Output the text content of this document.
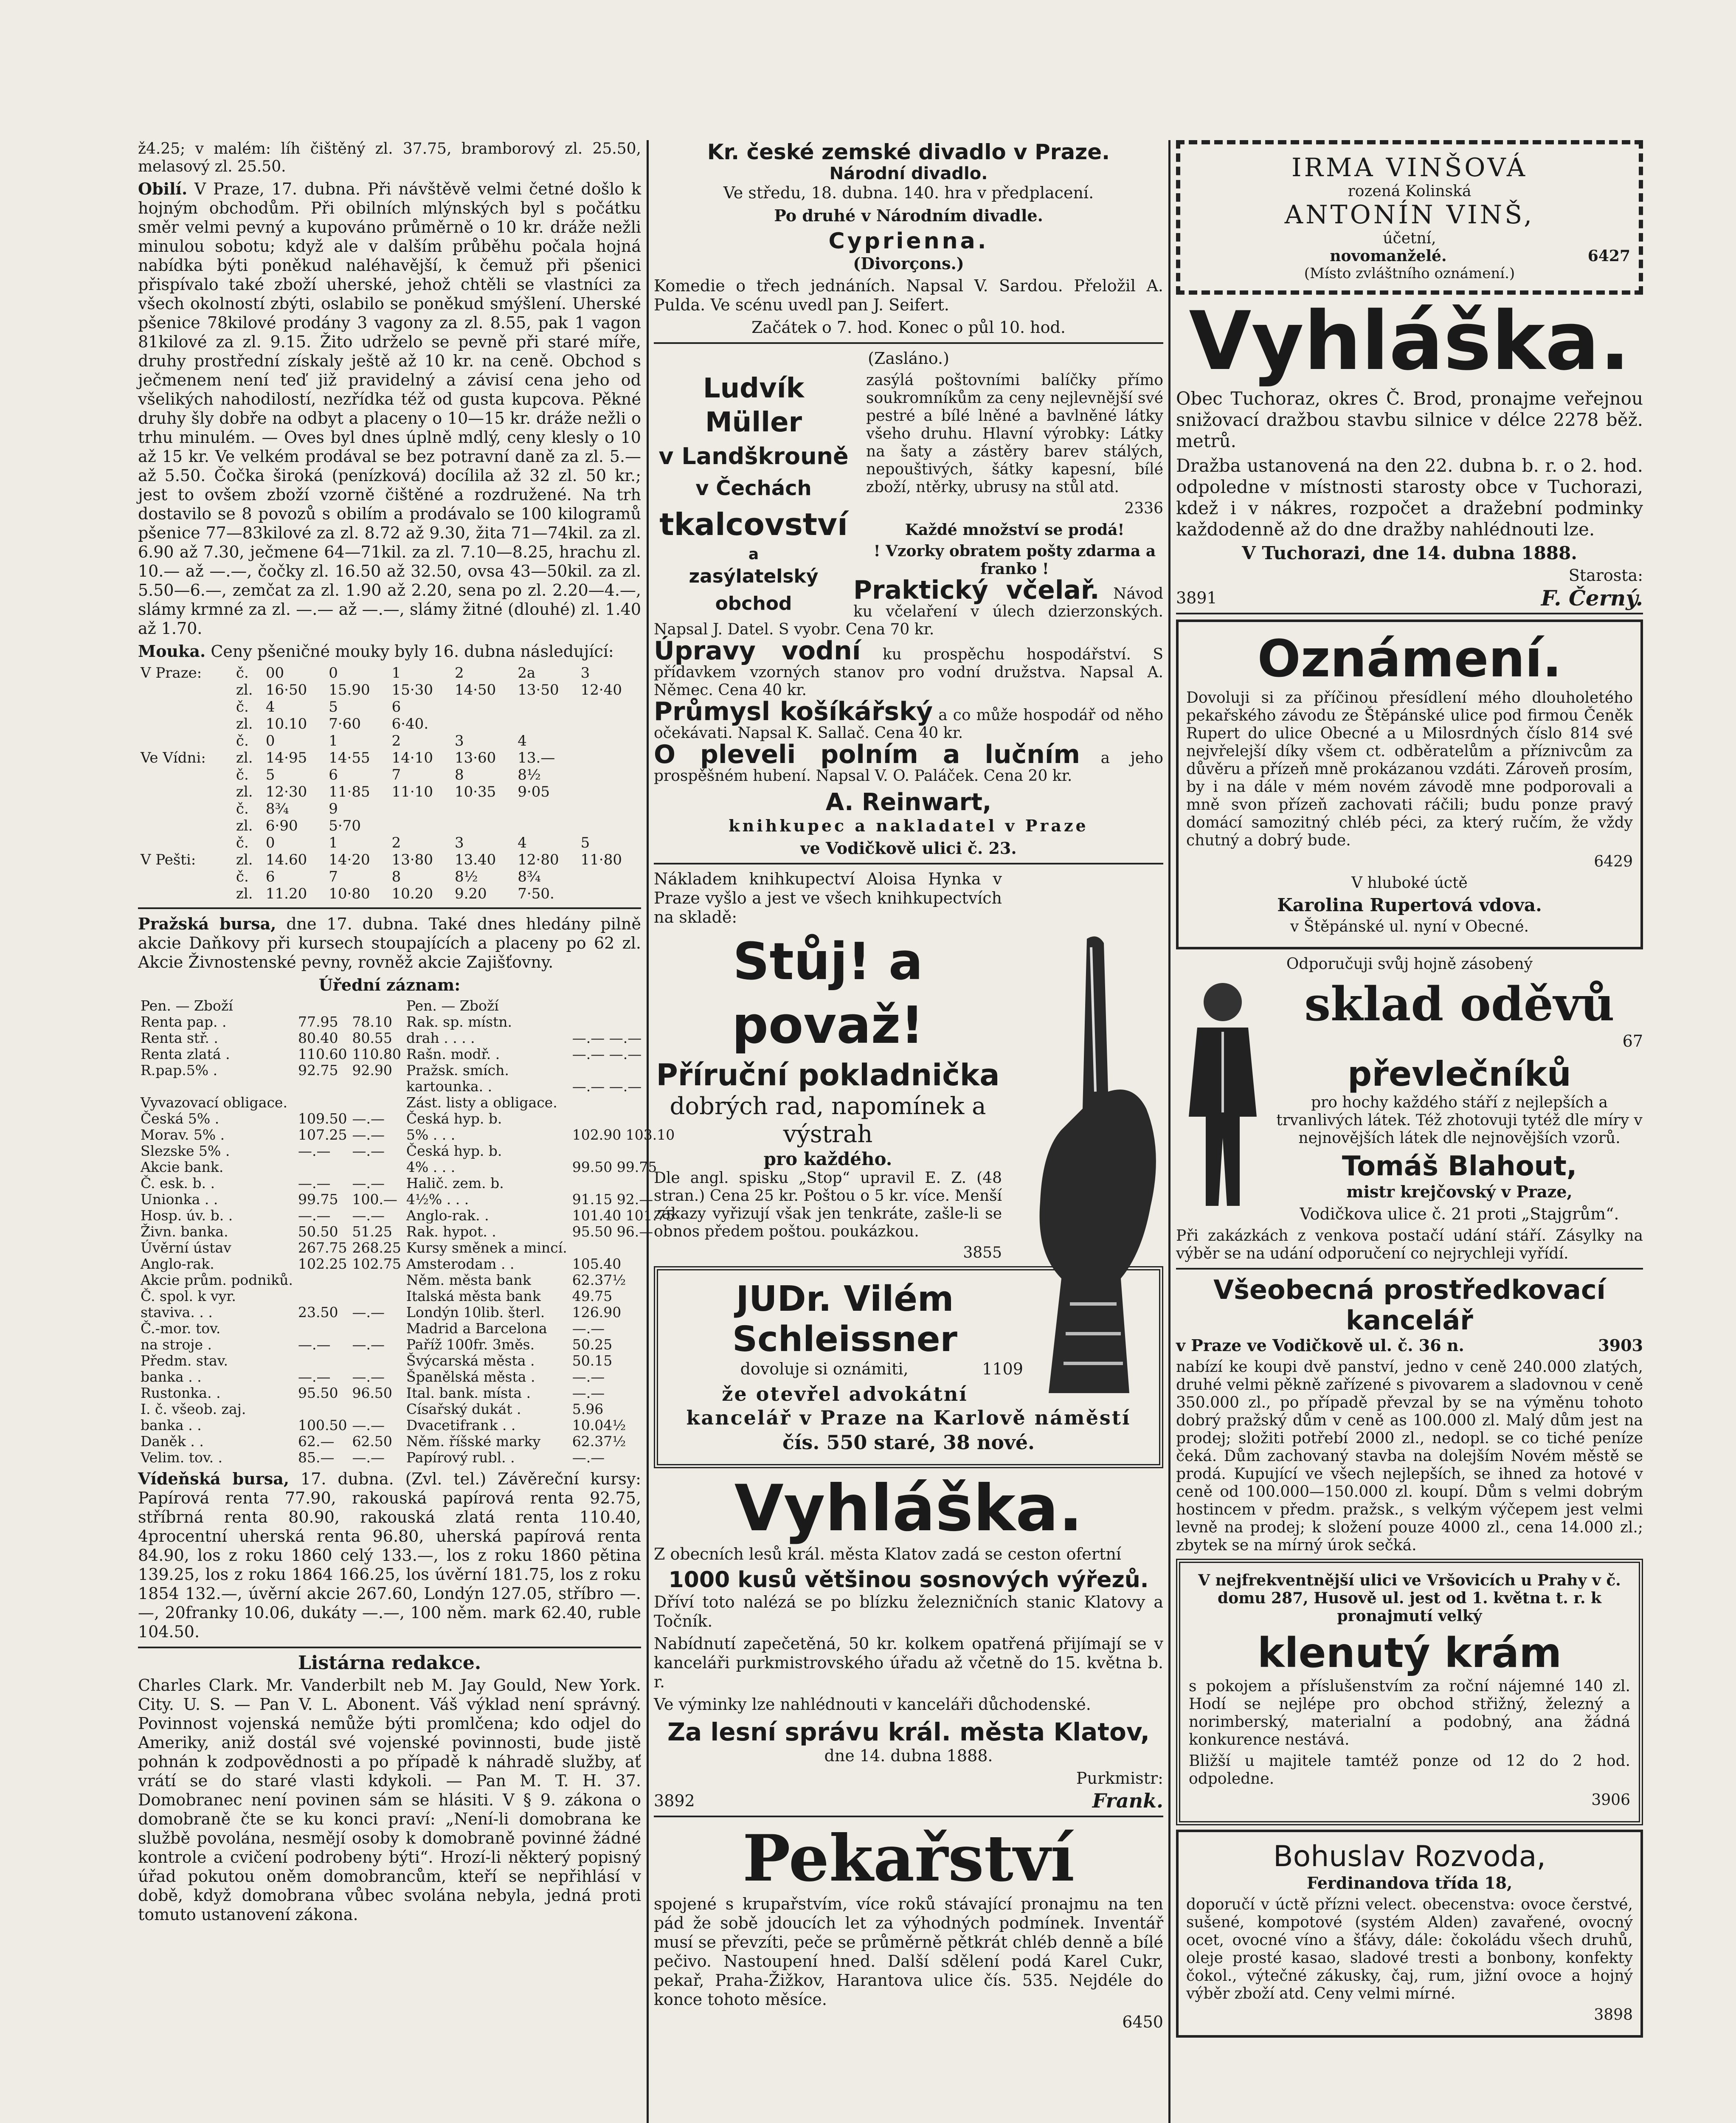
ž4.25; v malém: líh čištěný zl. 37.75, bramborový zl. 25.50, melasový zl. 25.50.

Obilí. V Praze, 17. dubna. Při návštěvě velmi četné došlo k hojným obchodům. Při obilních mlýnských byl s počátku směr velmi pevný a kupováno průměrně o 10 kr. dráže nežli minulou sobotu; když ale v dalším průběhu počala hojná nabídka býti poněkud naléhavější, k čemuž při pšenici přispívalo také zboží uherské, jehož chtěli se vlastníci za všech okolností zbýti, oslabilo se poněkud smýšlení. Uherské pšenice 78kilové prodány 3 vagony za zl. 8.55, pak 1 vagon 81kilové za zl. 9.15. Žito udrželo se pevně při staré míře, druhy prostřední získaly ještě až 10 kr. na ceně. Obchod s ječmenem není teď již pravidelný a závisí cena jeho od všelikých nahodilostí, nezřídka též od gusta kupcova. Pěkné druhy šly dobře na odbyt a placeny o 10—15 kr. dráže nežli o trhu minulém. — Oves byl dnes úplně mdlý, ceny klesly o 10 až 15 kr. Ve velkém prodával se bez potravní daně za zl. 5.— až 5.50. Čočka široká (penízková) docílila až 32 zl. 50 kr.; jest to ovšem zboží vzorně čištěné a rozdružené. Na trh dostavilo se 8 povozů s obilím a prodávalo se 100 kilogramů pšenice 77—83kilové za zl. 8.72 až 9.30, žita 71—74kil. za zl. 6.90 až 7.30, ječmene 64—71kil. za zl. 7.10—8.25, hrachu zl. 10.— až —.—, čočky zl. 16.50 až 32.50, ovsa 43—50kil. za zl. 5.50—6.—, zemčat za zl. 1.90 až 2.20, sena po zl. 2.20—4.—, slámy krmné za zl. —.— až —.—, slámy žitné (dlouhé) zl. 1.40 až 1.70.

Mouka. Ceny pšeničné mouky byly 16. dubna následující:

V Praze:	č.	00	0	1	2	2a	3
	zl.	16·50	15.90	15·30	14·50	13·50	12·40
	č.	4	5	6			
	zl.	10.10	7·60	6·40.			
	č.	0	1	2	3	4	
Ve Vídni:	zl.	14·95	14·55	14·10	13·60	13.—	
	č.	5	6	7	8	8½	
	zl.	12·30	11·85	11·10	10·35	9·05	
	č.	8¾	9				
	zl.	6·90	5·70				
	č.	0	1	2	3	4	5
V Pešti:	zl.	14.60	14·20	13·80	13.40	12·80	11·80
	č.	6	7	8	8½	8¾	
	zl.	11.20	10·80	10.20	9.20	7·50.	

Pražská bursa, dne 17. dubna. Také dnes hledány pilně akcie Daňkovy při kursech stoupajících a placeny po 62 zl. Akcie Živnostenské pevny, rovněž akcie Zajišťovny.

Úřední záznam:

Pen. — Zboží			Pen. — Zboží	
Renta pap. .	77.95	78.10	Rak. sp. místn.	
Renta stř. .	80.40	80.55	drah . . . .	—.— —.—
Renta zlatá .	110.60	110.80	Rašn. modř. .	—.— —.—
R.pap.5% .	92.75	92.90	Pražsk. smích.	
			kartounka. .	—.— —.—
Vyvazovací obligace.			Zást. listy a obligace.	
Česká 5% .	109.50	—.—	Česká hyp. b.	
Morav. 5% .	107.25	—.—	5% . . .	102.90 103.10
Slezske 5% .	—.—	—.—	Česká hyp. b.	
Akcie bank.			4% . . .	99.50 99.75
Č. esk. b. .	—.—	—.—	Halič. zem. b.	
Unionka . .	99.75	100.—	4½% . . .	91.15 92.—
Hosp. úv. b. .	—.—	—.—	Anglo-rak. .	101.40 101.75
Živn. banka.	50.50	51.25	Rak. hypot. .	95.50 96.—
Úvěrní ústav	267.75	268.25	Kursy směnek a mincí.	
Anglo-rak.	102.25	102.75	Amsterodam . .	105.40
Akcie prům. podniků.			Něm. města bank	62.37½
Č. spol. k vyr.			Italská města bank	49.75
stavivа. . .	23.50	—.—	Londýn 10lib. šterl.	126.90
Č.-mor. tov.			Madrid a Barcelona	—.—
na stroje .	—.—	—.—	Paříž 100fr. 3měs.	50.25
Předm. stav.			Švýcarská města .	50.15
banka . .	—.—	—.—	Španělská města .	—.—
Rustonka. .	95.50	96.50	Ital. bank. místa .	—.—
I. č. všeob. zaj.			Císařský dukát .	5.96
banka . .	100.50	—.—	Dvacetifrank . .	10.04½
Daněk . .	62.—	62.50	Něm. říšské marky	62.37½
Velim. tov. .	85.—	—.—	Papírový rubl. .	—.—

Vídeňská bursa, 17. dubna. (Zvl. tel.) Závěreční kursy: Papírová renta 77.90, rakouská papírová renta 92.75, stříbrná renta 80.90, rakouská zlatá renta 110.40, 4procentní uherská renta 96.80, uherská papírová renta 84.90, los z roku 1860 celý 133.—, los z roku 1860 pětina 139.25, los z roku 1864 166.25, los úvěrní 181.75, los z roku 1854 132.—, úvěrní akcie 267.60, Londýn 127.05, stříbro —.—, 20franky 10.06, dukáty —.—, 100 něm. mark 62.40, ruble 104.50.

Listárna redakce.

Charles Clark. Mr. Vanderbilt neb M. Jay Gould, New York. City. U. S. — Pan V. L. Abonent. Váš výklad není správný. Povinnost vojenská nemůže býti promlčena; kdo odjel do Ameriky, aniž dostál své vojenské povinnosti, bude jistě pohnán k zodpovědnosti a po případě k náhradě služby, ať vrátí se do staré vlasti kdykoli. — Pan M. T. H. 37. Domobranec není povinen sám se hlásiti. V § 9. zákona o domobraně čte se ku konci praví: „Není-li domobrana ke službě povolána, nesmějí osoby k domobraně povinné žádné kontrole a cvičení podrobeny býti“. Hrozí-li některý popisný úřad pokutou oněm domobrancům, kteří se nepřihlásí v době, když domobrana vůbec svolána nebyla, jedná proti tomuto ustanovení zákona.

Kr. české zemské divadlo v Praze.
Národní divadlo.

Ve středu, 18. dubna. 140. hra v předplacení.

Po druhé v Národním divadle.

Cyprienna.

(Divorçons.)

Komedie o třech jednáních. Napsal V. Sardou. Přeložil A. Pulda. Ve scénu uvedl pan J. Seifert.

Začátek o 7. hod. Konec o půl 10. hod.

(Zasláno.)

Ludvík Müller
v Landškrouně
v Čechách
tkalcovství
a
zasýlatelský obchod

zasýlá poštovními balíčky přímo soukromníkům za ceny nejlevnější své pestré a bílé lněné a bavlněné látky všeho druhu. Hlavní výrobky: Látky na šaty a zástěry barev stálých, nepouštivých, šátky kapesní, bílé zboží, ntěrky, ubrusy na stůl atd.

2336

Každé množství se prodá!

! Vzorky obratem pošty zdarma a franko !

Praktický včelař. Návod ku včelaření v úlech dzierzonských. Napsal J. Datel. S vyobr. Cena 70 kr.

Úpravy vodní ku prospěchu hospodářství. S přídavkem vzorných stanov pro vodní družstva. Napsal A. Němec. Cena 40 kr.

Průmysl košíkářský a co může hospodář od něho očekávati. Napsal K. Sallač. Cena 40 kr.

O pleveli polním a lučním a jeho prospěšném hubení. Napsal V. O. Paláček. Cena 20 kr.

A. Reinwart,

knihkupec a nakladatel v Praze

ve Vodičkově ulici č. 23.

Nákladem knihkupectví Aloisa Hynka v Praze vyšlo a jest ve všech knihkupectvích na skladě:

Stůj! a považ!
Příruční pokladnička
dobrých rad, napomínek a výstrah
pro každého.

Dle angl. spisku „Stop“ upravil E. Z. (48 stran.) Cena 25 kr. Poštou o 5 kr. více. Menší zákazy vyřizují však jen tenkráte, zašle-li se obnos předem poštou. poukázkou.

3855

JUDr. Vilém Schleissner

dovoluje si oznámiti,	1109

že otevřel advokátní kancelář v Praze na Karlově náměstí

čís. 550 staré, 38 nové.

Vyhláška.

Z obecních lesů král. města Klatov zadá se ceston ofertní

1000 kusů většinou sosnových výřezů.

Dříví toto nalézá se po blízku železničních stanic Klatovy a Točník.

Nabídnutí zapečetěná, 50 kr. kolkem opatřená přijímají se v kanceláři purkmistrovského úřadu až včetně do 15. května b. r.

Ve výminky lze nahlédnouti v kanceláři důchodenské.

Za lesní správu král. města Klatov,

dne 14. dubna 1888.

Purkmistr:

3892	Frank.

Pekařství

spojené s krupařstvím, více roků stávající pronajmu na ten pád že sobě jdoucích let za výhodných podmínek. Inventář musí se převzíti, peče se průměrně pětkrát chléb denně a bílé pečivo. Nastoupení hned. Další sdělení podá Karel Cukr, pekař, Praha-Žižkov, Harantova ulice čís. 535. Nejdéle do konce tohoto měsíce.

6450

IRMA VINŠOVÁ
rozená Kolinská
ANTONÍN VINŠ,
účetní,
novomanželé.	6427
(Místo zvláštního oznámení.)
Vyhláška.

Obec Tuchoraz, okres Č. Brod, pronajme veřejnou snižovací dražbou stavbu silnice v délce 2278 běž. metrů.

Dražba ustanovená na den 22. dubna b. r. o 2. hod. odpoledne v místnosti starosty obce v Tuchorazi, kdež i v nákres, rozpočet a dražební podminky každodenně až do dne dražby nahlédnouti lze.

V Tuchorazi, dne 14. dubna 1888.

Starosta:

3891	F. Černý.

Oznámení.

Dovoluji si za příčinou přesídlení mého dlouholetého pekařského závodu ze Štěpánské ulice pod firmou Čeněk Rupert do ulice Obecné a u Milosrdných číslo 814 své nejvřelejší díky všem ct. odběratelům a příznivcům za důvěru a přízeň mně prokázanou vzdáti. Zároveň prosím, by i na dále v mém novém závodě mne podporovali a mně svon přízeň zachovati ráčili; budu ponze pravý domácí samozitný chléb péci, za který ručím, že vždy chutný a dobrý bude.

6429

V hluboké úctě

Karolina Rupertová vdova.

v Štěpánské ul. nyní v Obecné.

Odporučuji svůj hojně zásobený

sklad oděvů

67

převlečníků

pro hochy každého stáří z nejlepších a trvanlivých látek. Též zhotovuji tytéž dle míry v nejnovějších látek dle nejnovějších vzorů.

Tomáš Blahout,

mistr krejčovský v Praze,

Vodičkova ulice č. 21 proti „Stajgrům“.

Při zakázkách z venkova postačí udání stáří. Zásylky na výběr se na udání odporučení co nejrychleji vyřídí.

Všeobecná prostředkovací kancelář

v Praze ve Vodičkově ul. č. 36 n.	3903

nabízí ke koupi dvě panství, jedno v ceně 240.000 zlatých, druhé velmi pěkně zařízené s pivovarem a sladovnou v ceně 350.000 zl., po případě převzal by se na výměnu tohoto dobrý pražský dům v ceně as 100.000 zl. Malý dům jest na prodej; složiti potřebí 2000 zl., nedopl. se co tiché peníze čeká. Dům zachovaný stavba na dolejším Novém městě se prodá. Kupující ve všech nejlepších, se ihned za hotové v ceně od 100.000—150.000 zl. koupí. Dům s velmi dobrým hostincem v předm. pražsk., s velkým výčepem jest velmi levně na prodej; k složení pouze 4000 zl., cena 14.000 zl.; zbytek se na mírný úrok sečká.

V nejfrekventnější ulici ve Vršovicích u Prahy v č. domu 287, Husově ul. jest od 1. května t. r. k pronajmutí velký

klenutý krám

s pokojem a příslušenstvím za roční nájemné 140 zl. Hodí se nejlépe pro obchod střižný, železný a norimberský, materialní a podobný, ana žádná konkurence nestává.

Bližší u majitele tamtéž ponze od 12 do 2 hod. odpoledne.

3906

Bohuslav Rozvoda,

Ferdinandova třída 18,

doporučí v úctě přízni velect. obecenstva: ovoce čerstvé, sušené, kompotové (systém Alden) zavařené, ovocný ocet, ovocné víno a šťávy, dále: čokoládu všech druhů, oleje prosté kasao, sladové tresti a bonbony, konfekty čokol., výtečné zákusky, čaj, rum, jižní ovoce a hojný výběr zboží atd. Ceny velmi mírné.

3898
